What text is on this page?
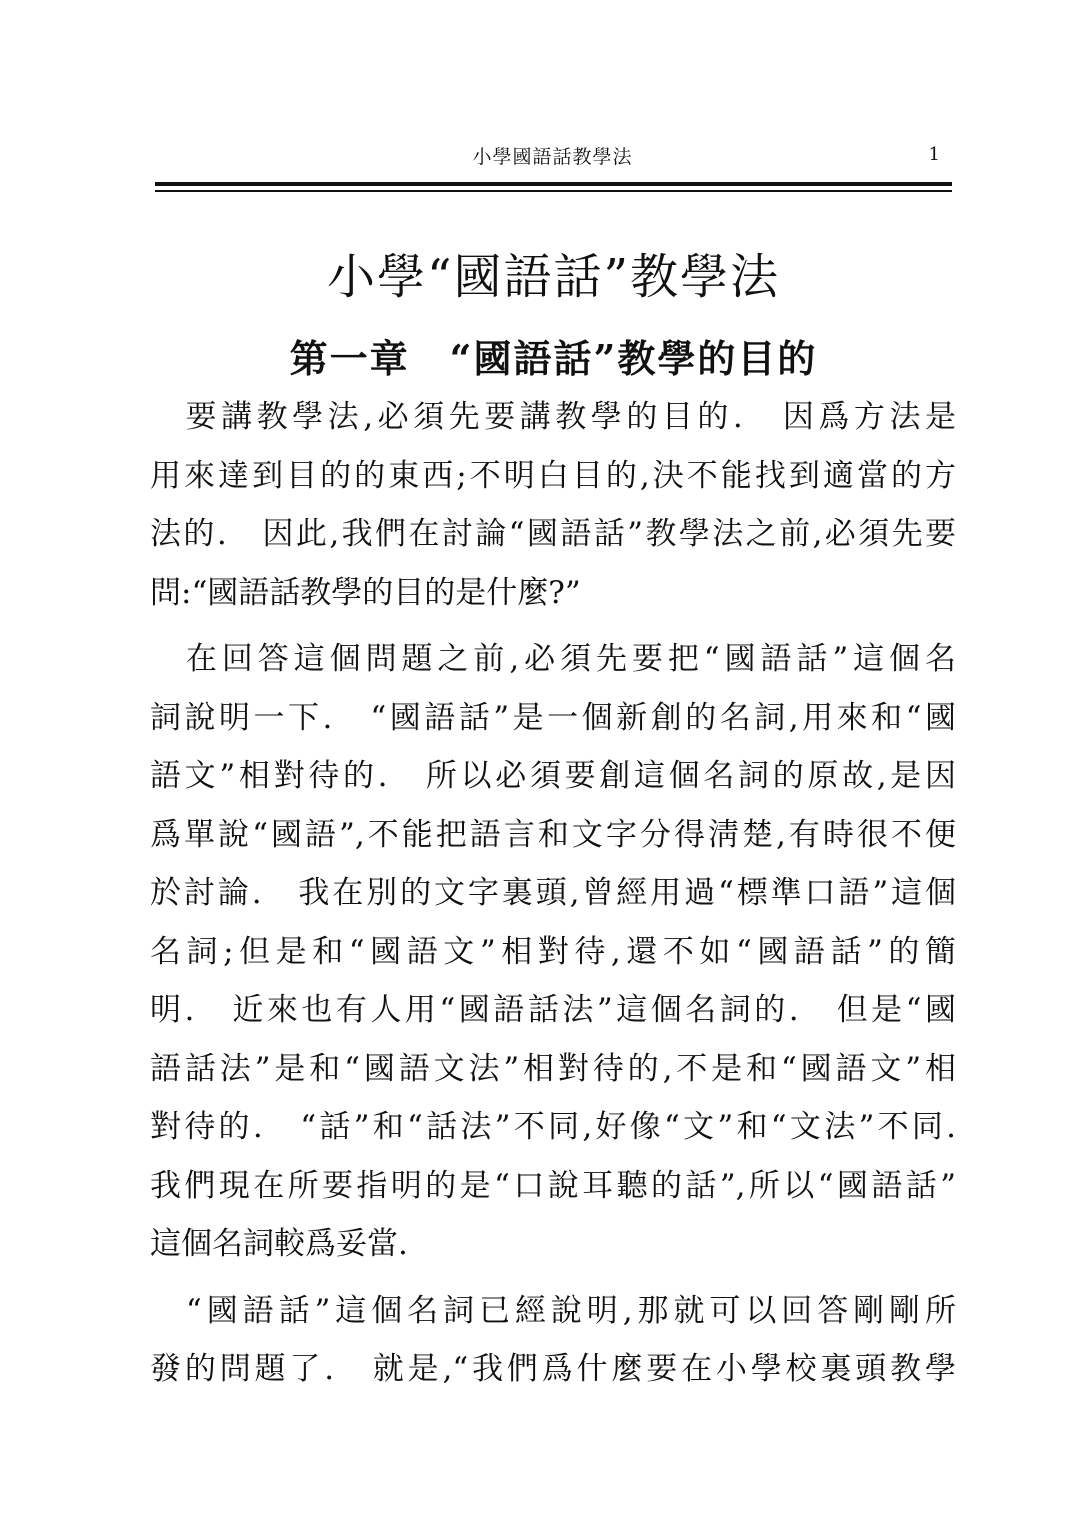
小學國語話教學法	1
小學“國語話”教學法
第一章　“國語話”教學的目的
　要講教學法,必須先要講教學的目的.　因爲方法是
用來達到目的的東西;不明白目的,決不能找到適當的方
法的.　因此,我們在討論“國語話”教學法之前,必須先要
問:“國語話教學的目的是什麼?”
　在回答這個問題之前,必須先要把“國語話”這個名
詞說明一下.　“國語話”是一個新創的名詞,用來和“國
語文”相對待的.　所以必須要創這個名詞的原故,是因
爲單說“國語”,不能把語言和文字分得淸楚,有時很不便
於討論.　我在別的文字裏頭,曾經用過“標準口語”這個
名詞;但是和“國語文”相對待,還不如“國語話”的簡
明.　近來也有人用“國語話法”這個名詞的.　但是“國
語話法”是和“國語文法”相對待的,不是和“國語文”相
對待的.　“話”和“話法”不同,好像“文”和“文法”不同.
我們現在所要指明的是“口說耳聽的話”,所以“國語話”
這個名詞較爲妥當.
　“國語話”這個名詞已經說明,那就可以回答剛剛所
發的問題了.　就是,“我們爲什麼要在小學校裏頭教學
